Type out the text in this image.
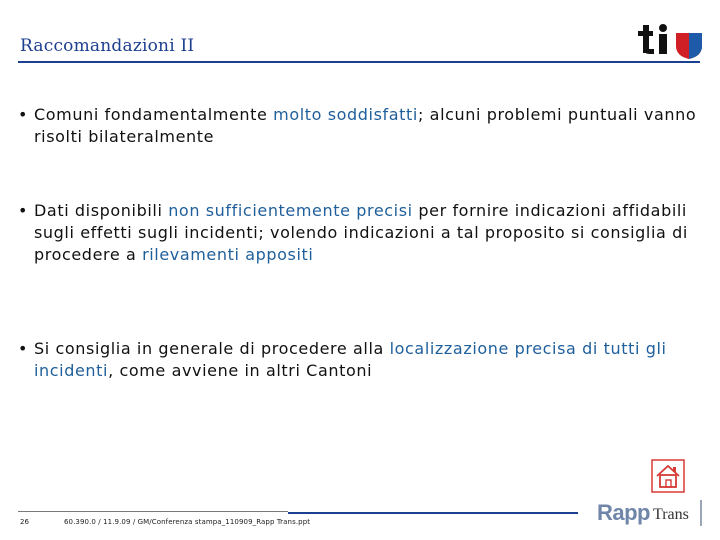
Raccomandazioni II
• Comuni fondamentalmente molto soddisfatti; alcuni problemi puntuali vanno risolti bilateralmente
• Dati disponibili non sufficientemente precisi per fornire indicazioni affidabili sugli effetti sugli incidenti; volendo indicazioni a tal proposito si consiglia di procedere a rilevamenti appositi
• Si consiglia in generale di procedere alla localizzazione precisa di tutti gli incidenti, come avviene in altri Cantoni
26	60.390.0 / 11.9.09 / GM/Conferenza stampa_110909_Rapp Trans.ppt	Rapp Trans
